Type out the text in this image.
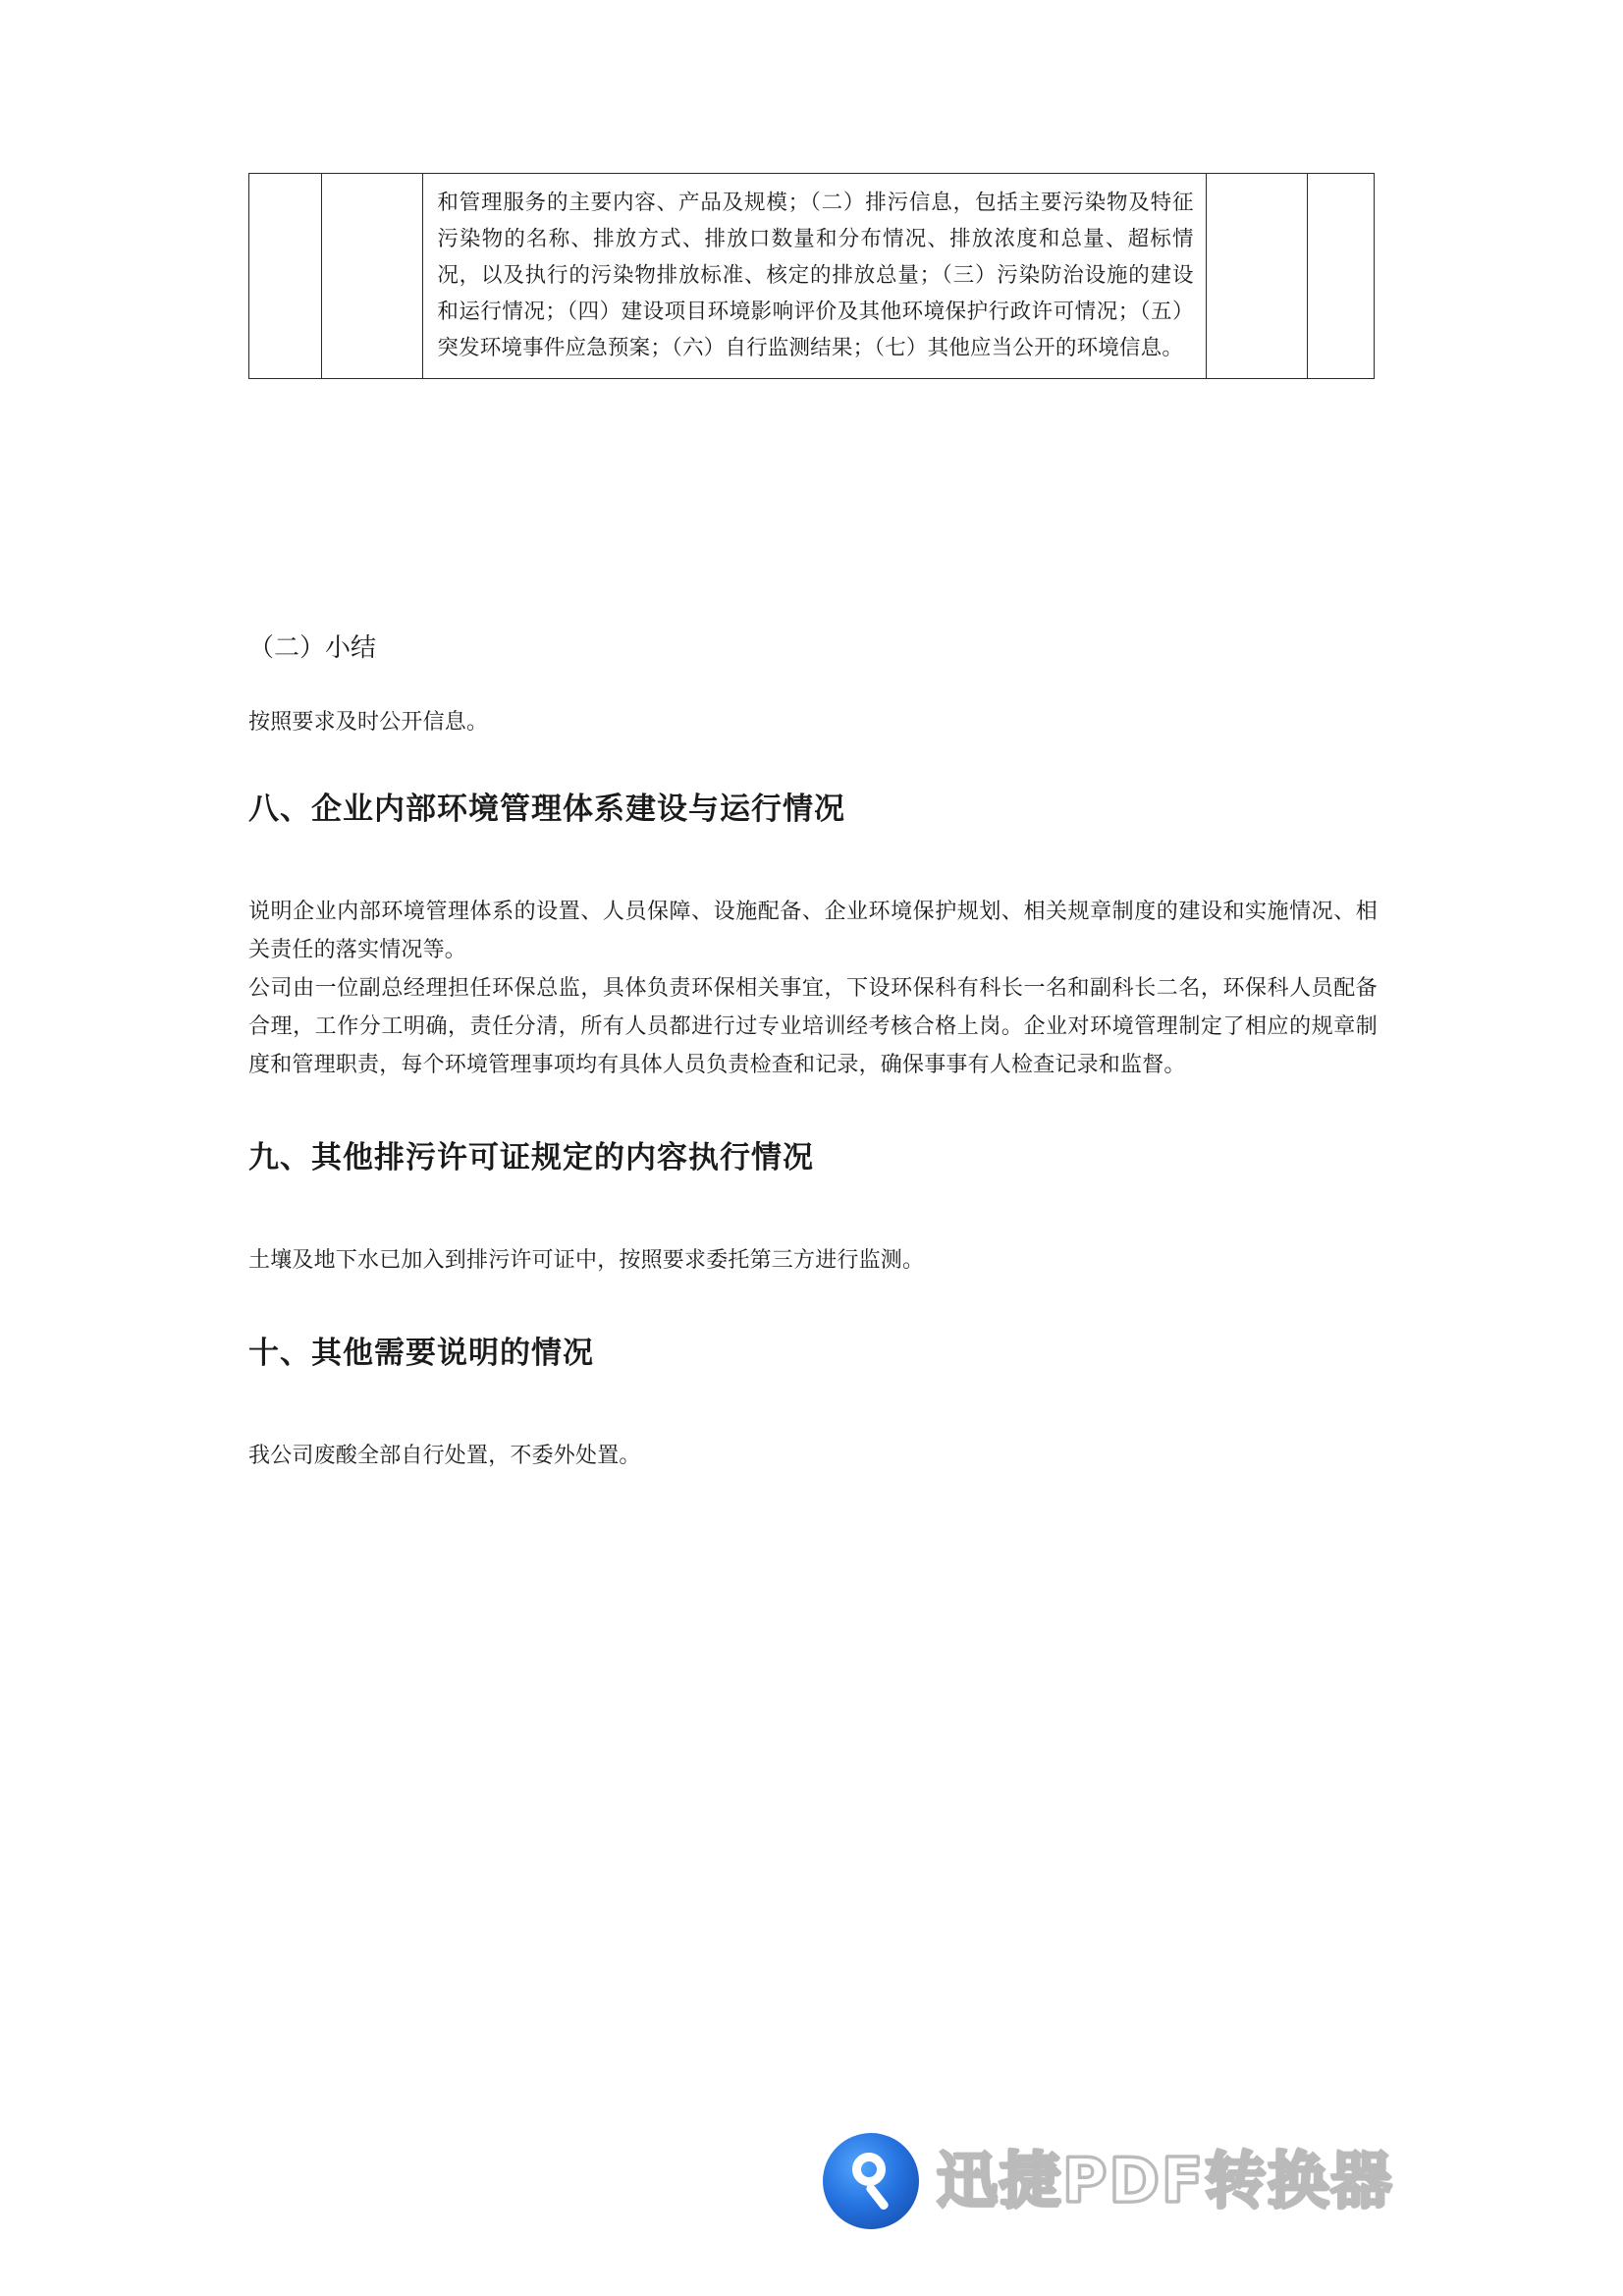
和管理服务的主要内容、产品及规模；（二）排污信息，包括主要污染物及特征污染物的名称、排放方式、排放口数量和分布情况、排放浓度和总量、超标情况，以及执行的污染物排放标准、核定的排放总量；（三）污染防治设施的建设和运行情况；（四）建设项目环境影响评价及其他环境保护行政许可情况；（五）突发环境事件应急预案；（六）自行监测结果；（七）其他应当公开的环境信息。

（二）小结

按照要求及时公开信息。

八、企业内部环境管理体系建设与运行情况

说明企业内部环境管理体系的设置、人员保障、设施配备、企业环境保护规划、相关规章制度的建设和实施情况、相关责任的落实情况等。

公司由一位副总经理担任环保总监，具体负责环保相关事宜，下设环保科有科长一名和副科长二名，环保科人员配备合理，工作分工明确，责任分清，所有人员都进行过专业培训经考核合格上岗。企业对环境管理制定了相应的规章制度和管理职责，每个环境管理事项均有具体人员负责检查和记录，确保事事有人检查记录和监督。

九、其他排污许可证规定的内容执行情况

土壤及地下水已加入到排污许可证中，按照要求委托第三方进行监测。

十、其他需要说明的情况

我公司废酸全部自行处置，不委外处置。

迅捷PDF转换器
